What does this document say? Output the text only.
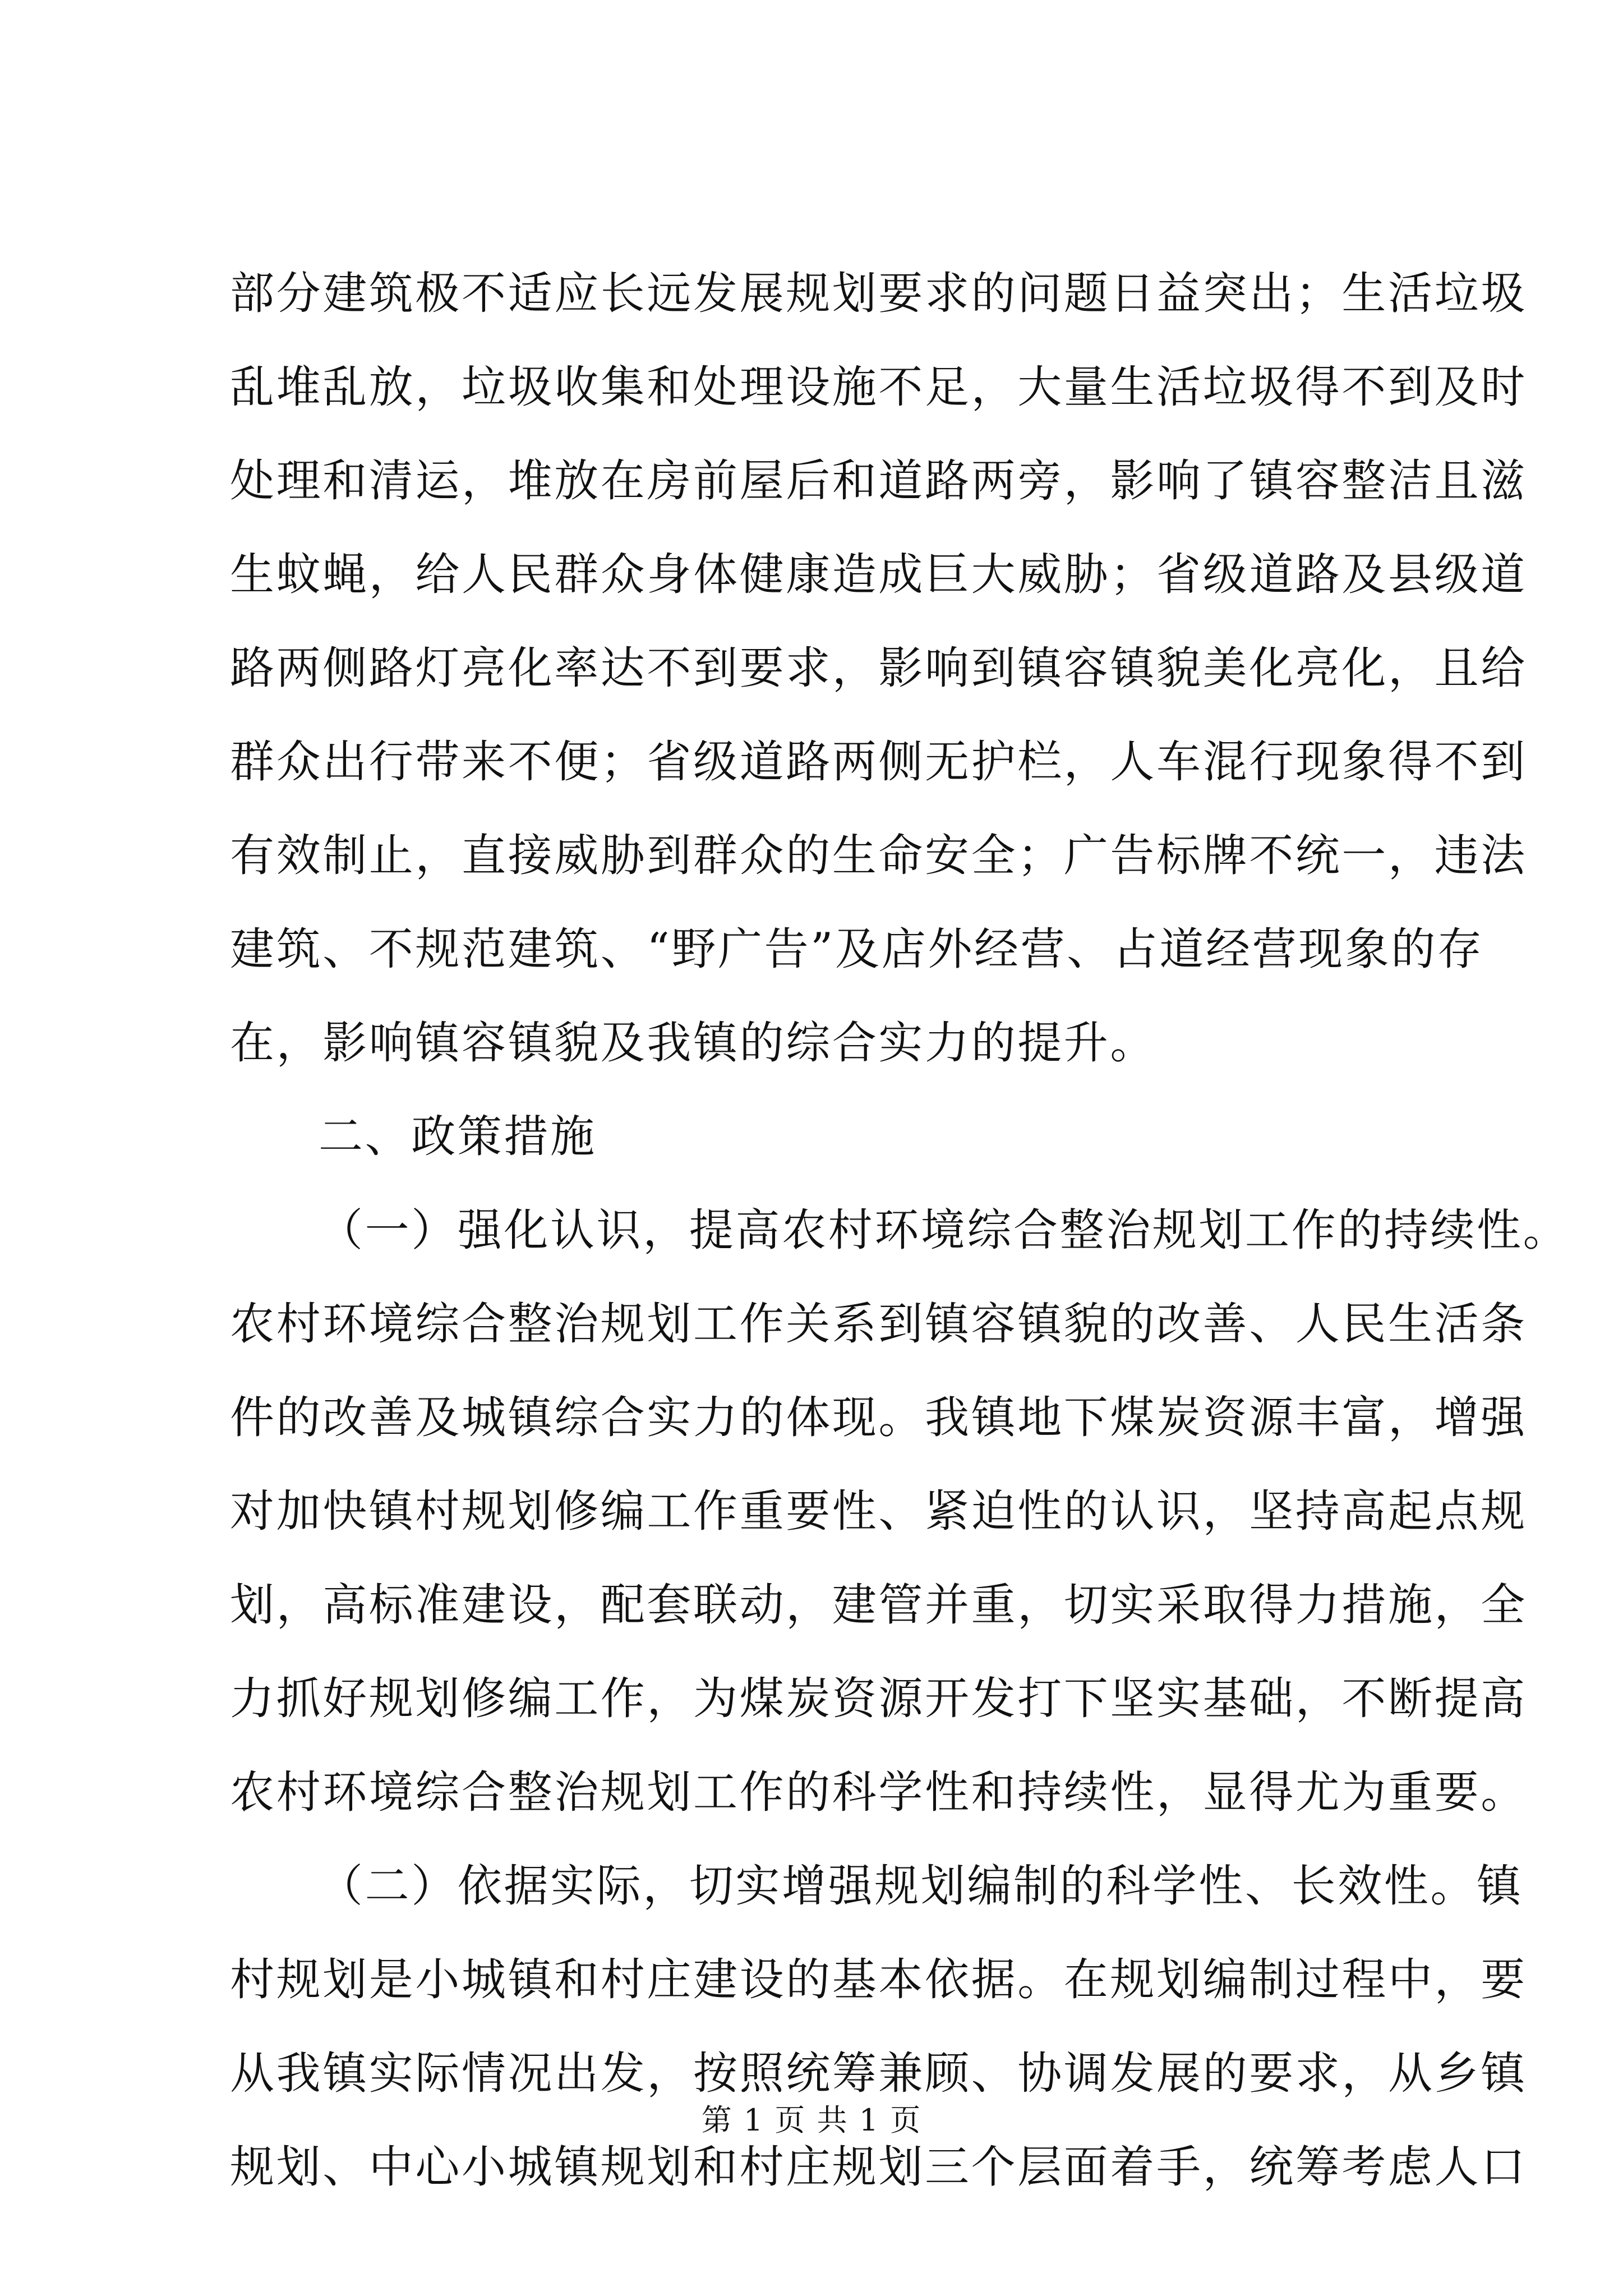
部分建筑极不适应长远发展规划要求的问题日益突出；生活垃圾
乱堆乱放，垃圾收集和处理设施不足，大量生活垃圾得不到及时
处理和清运，堆放在房前屋后和道路两旁，影响了镇容整洁且滋
生蚊蝇，给人民群众身体健康造成巨大威胁；省级道路及县级道
路两侧路灯亮化率达不到要求，影响到镇容镇貌美化亮化，且给
群众出行带来不便；省级道路两侧无护栏，人车混行现象得不到
有效制止，直接威胁到群众的生命安全；广告标牌不统一，违法
建筑、不规范建筑、“野广告”及店外经营、占道经营现象的存
在，影响镇容镇貌及我镇的综合实力的提升。
二、政策措施
（一）强化认识，提高农村环境综合整治规划工作的持续性。
农村环境综合整治规划工作关系到镇容镇貌的改善、人民生活条
件的改善及城镇综合实力的体现。我镇地下煤炭资源丰富，增强
对加快镇村规划修编工作重要性、紧迫性的认识，坚持高起点规
划，高标准建设，配套联动，建管并重，切实采取得力措施，全
力抓好规划修编工作，为煤炭资源开发打下坚实基础，不断提高
农村环境综合整治规划工作的科学性和持续性，显得尤为重要。
（二）依据实际，切实增强规划编制的科学性、长效性。镇
村规划是小城镇和村庄建设的基本依据。在规划编制过程中，要
从我镇实际情况出发，按照统筹兼顾、协调发展的要求，从乡镇
规划、中心小城镇规划和村庄规划三个层面着手，统筹考虑人口
第 1 页 共 1 页
